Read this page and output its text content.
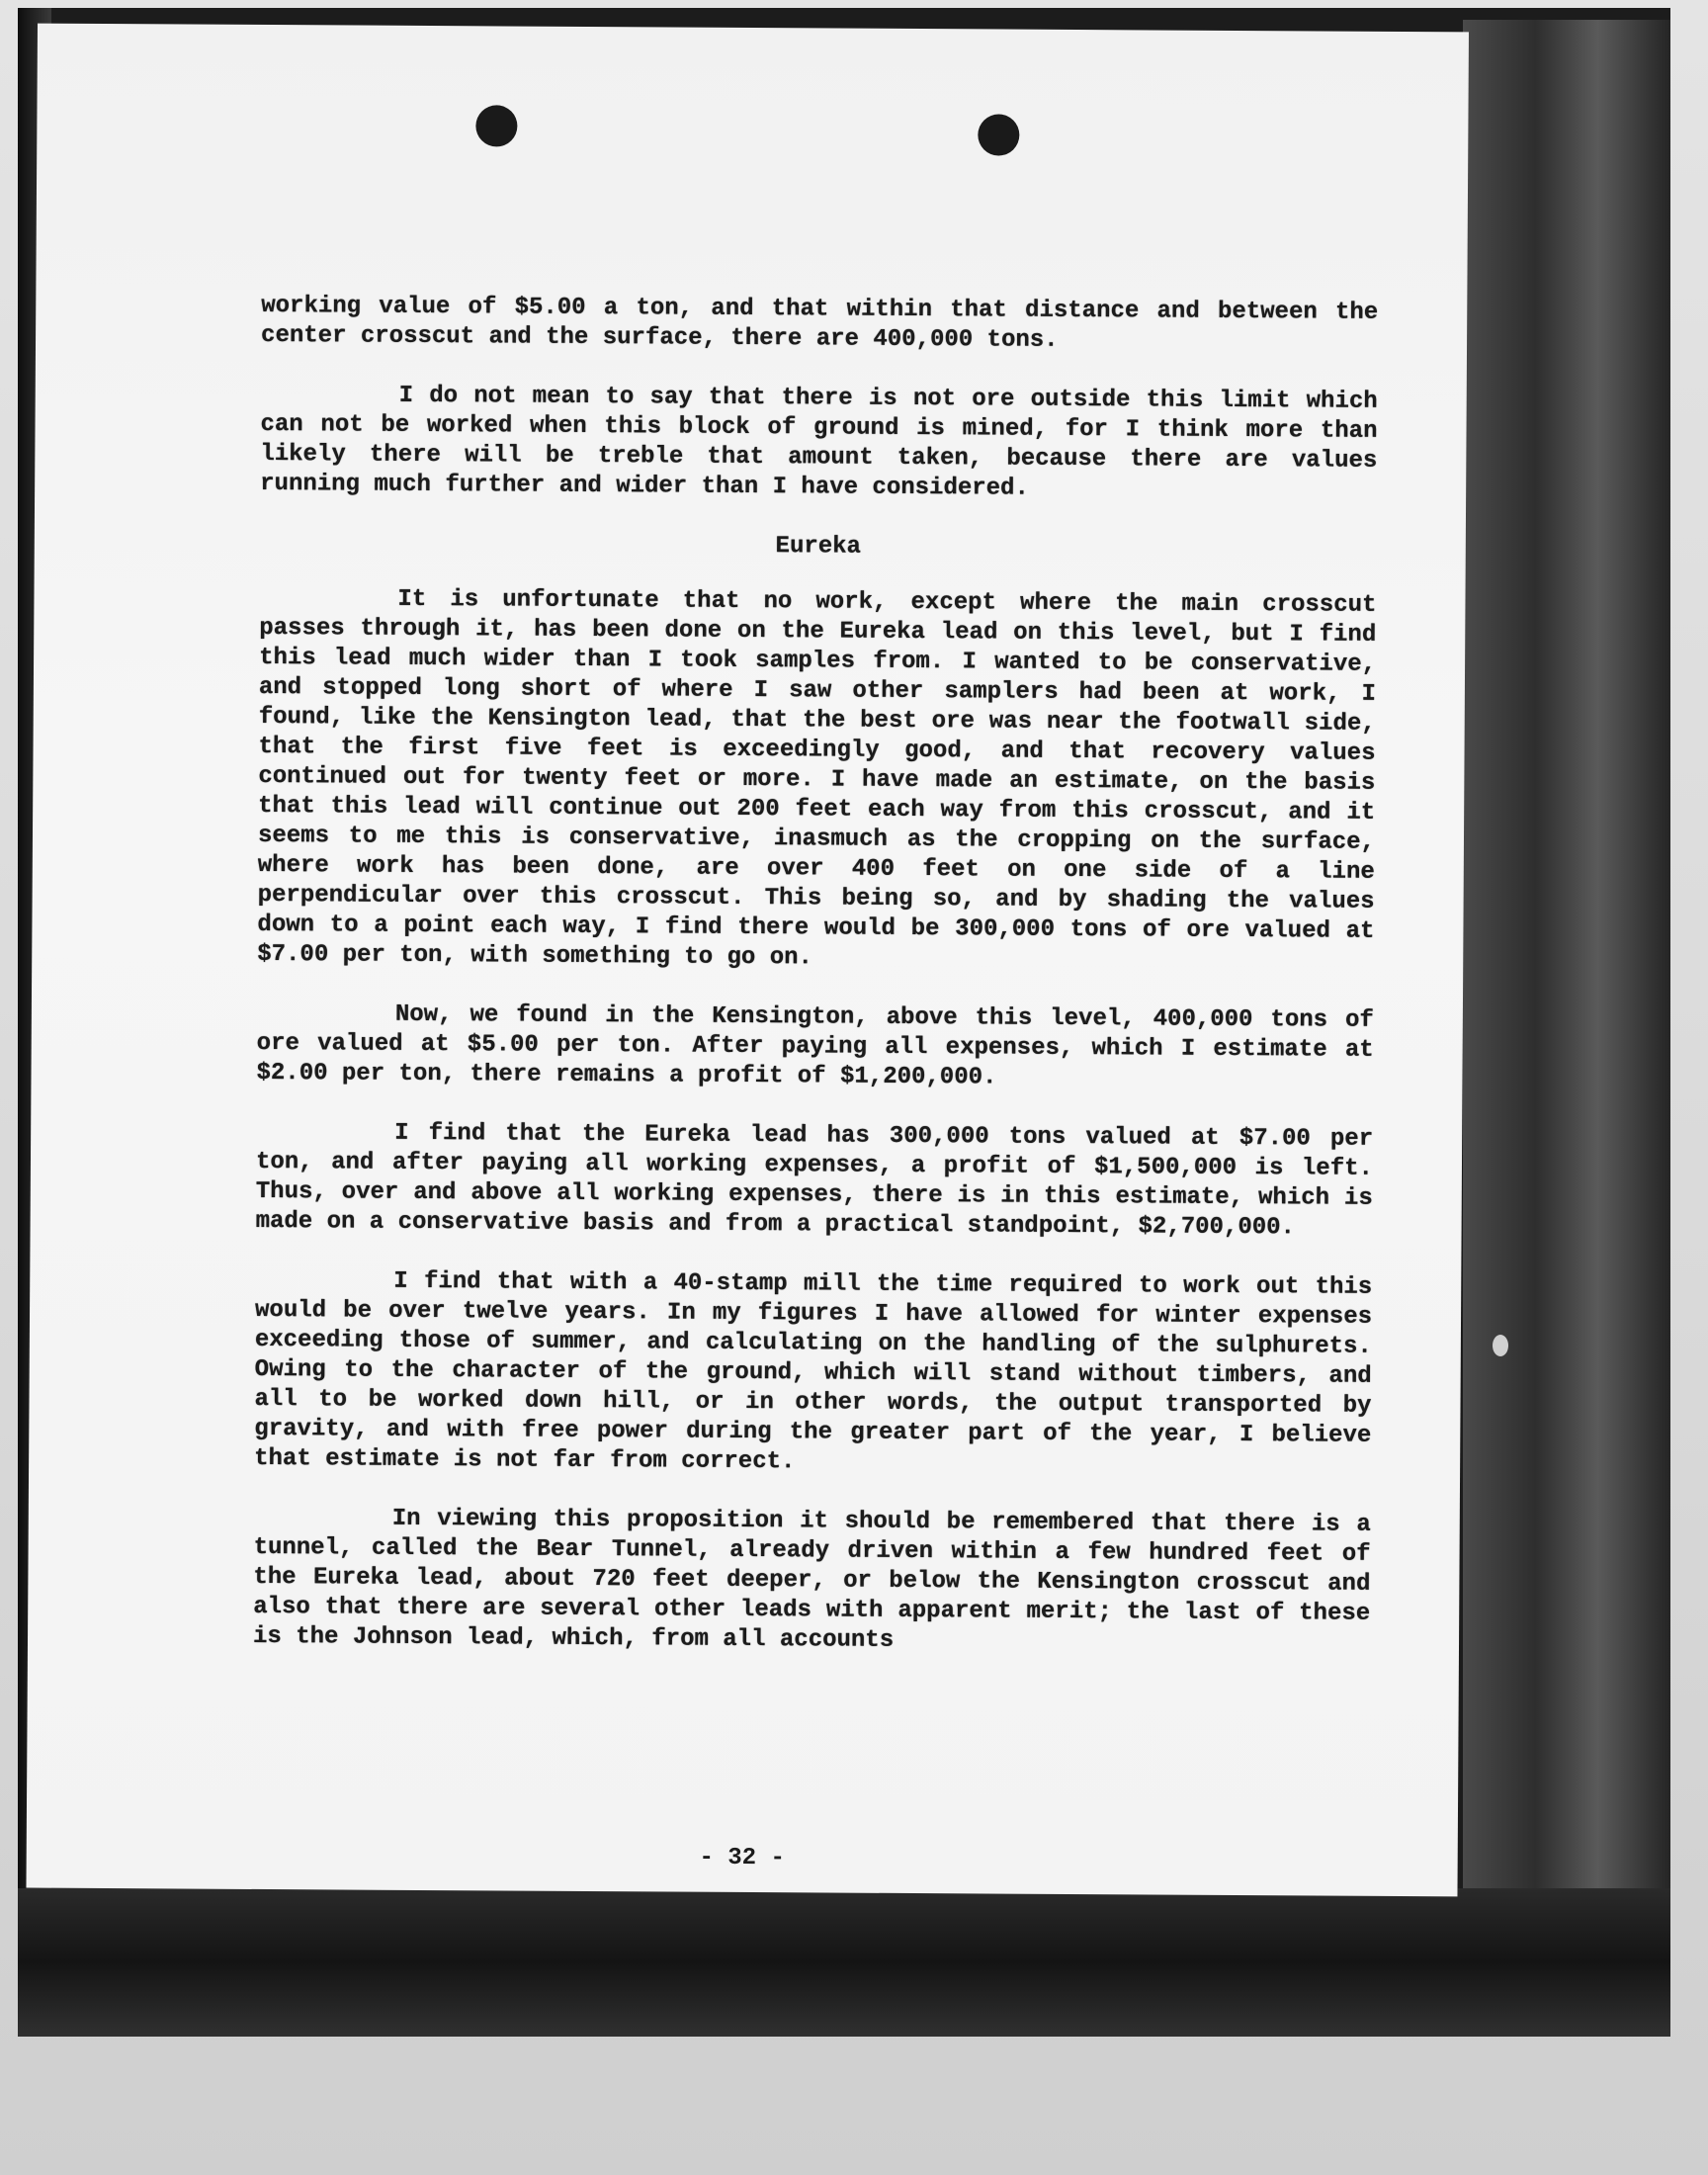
working value of $5.00 a ton, and that within that distance and between the center crosscut and the surface, there are 400,000 tons.

I do not mean to say that there is not ore outside this limit which can not be worked when this block of ground is mined, for I think more than likely there will be treble that amount taken, because there are values running much further and wider than I have considered.

Eureka

It is unfortunate that no work, except where the main crosscut passes through it, has been done on the Eureka lead on this level, but I find this lead much wider than I took samples from. I wanted to be conservative, and stopped long short of where I saw other samplers had been at work, I found, like the Kensington lead, that the best ore was near the footwall side, that the first five feet is exceedingly good, and that recovery values continued out for twenty feet or more. I have made an estimate, on the basis that this lead will continue out 200 feet each way from this crosscut, and it seems to me this is conservative, inasmuch as the cropping on the surface, where work has been done, are over 400 feet on one side of a line perpendicular over this crosscut. This being so, and by shading the values down to a point each way, I find there would be 300,000 tons of ore valued at $7.00 per ton, with something to go on.

Now, we found in the Kensington, above this level, 400,000 tons of ore valued at $5.00 per ton. After paying all expenses, which I estimate at $2.00 per ton, there remains a profit of $1,200,000.

I find that the Eureka lead has 300,000 tons valued at $7.00 per ton, and after paying all working expenses, a profit of $1,500,000 is left. Thus, over and above all working expenses, there is in this estimate, which is made on a conservative basis and from a practical standpoint, $2,700,000.

I find that with a 40-stamp mill the time required to work out this would be over twelve years. In my figures I have allowed for winter expenses exceeding those of summer, and calculating on the handling of the sulphurets. Owing to the character of the ground, which will stand without timbers, and all to be worked down hill, or in other words, the output transported by gravity, and with free power during the greater part of the year, I believe that estimate is not far from correct.

In viewing this proposition it should be remembered that there is a tunnel, called the Bear Tunnel, already driven within a few hundred feet of the Eureka lead, about 720 feet deeper, or below the Kensington crosscut and also that there are several other leads with apparent merit; the last of these is the Johnson lead, which, from all accounts

- 32 -
